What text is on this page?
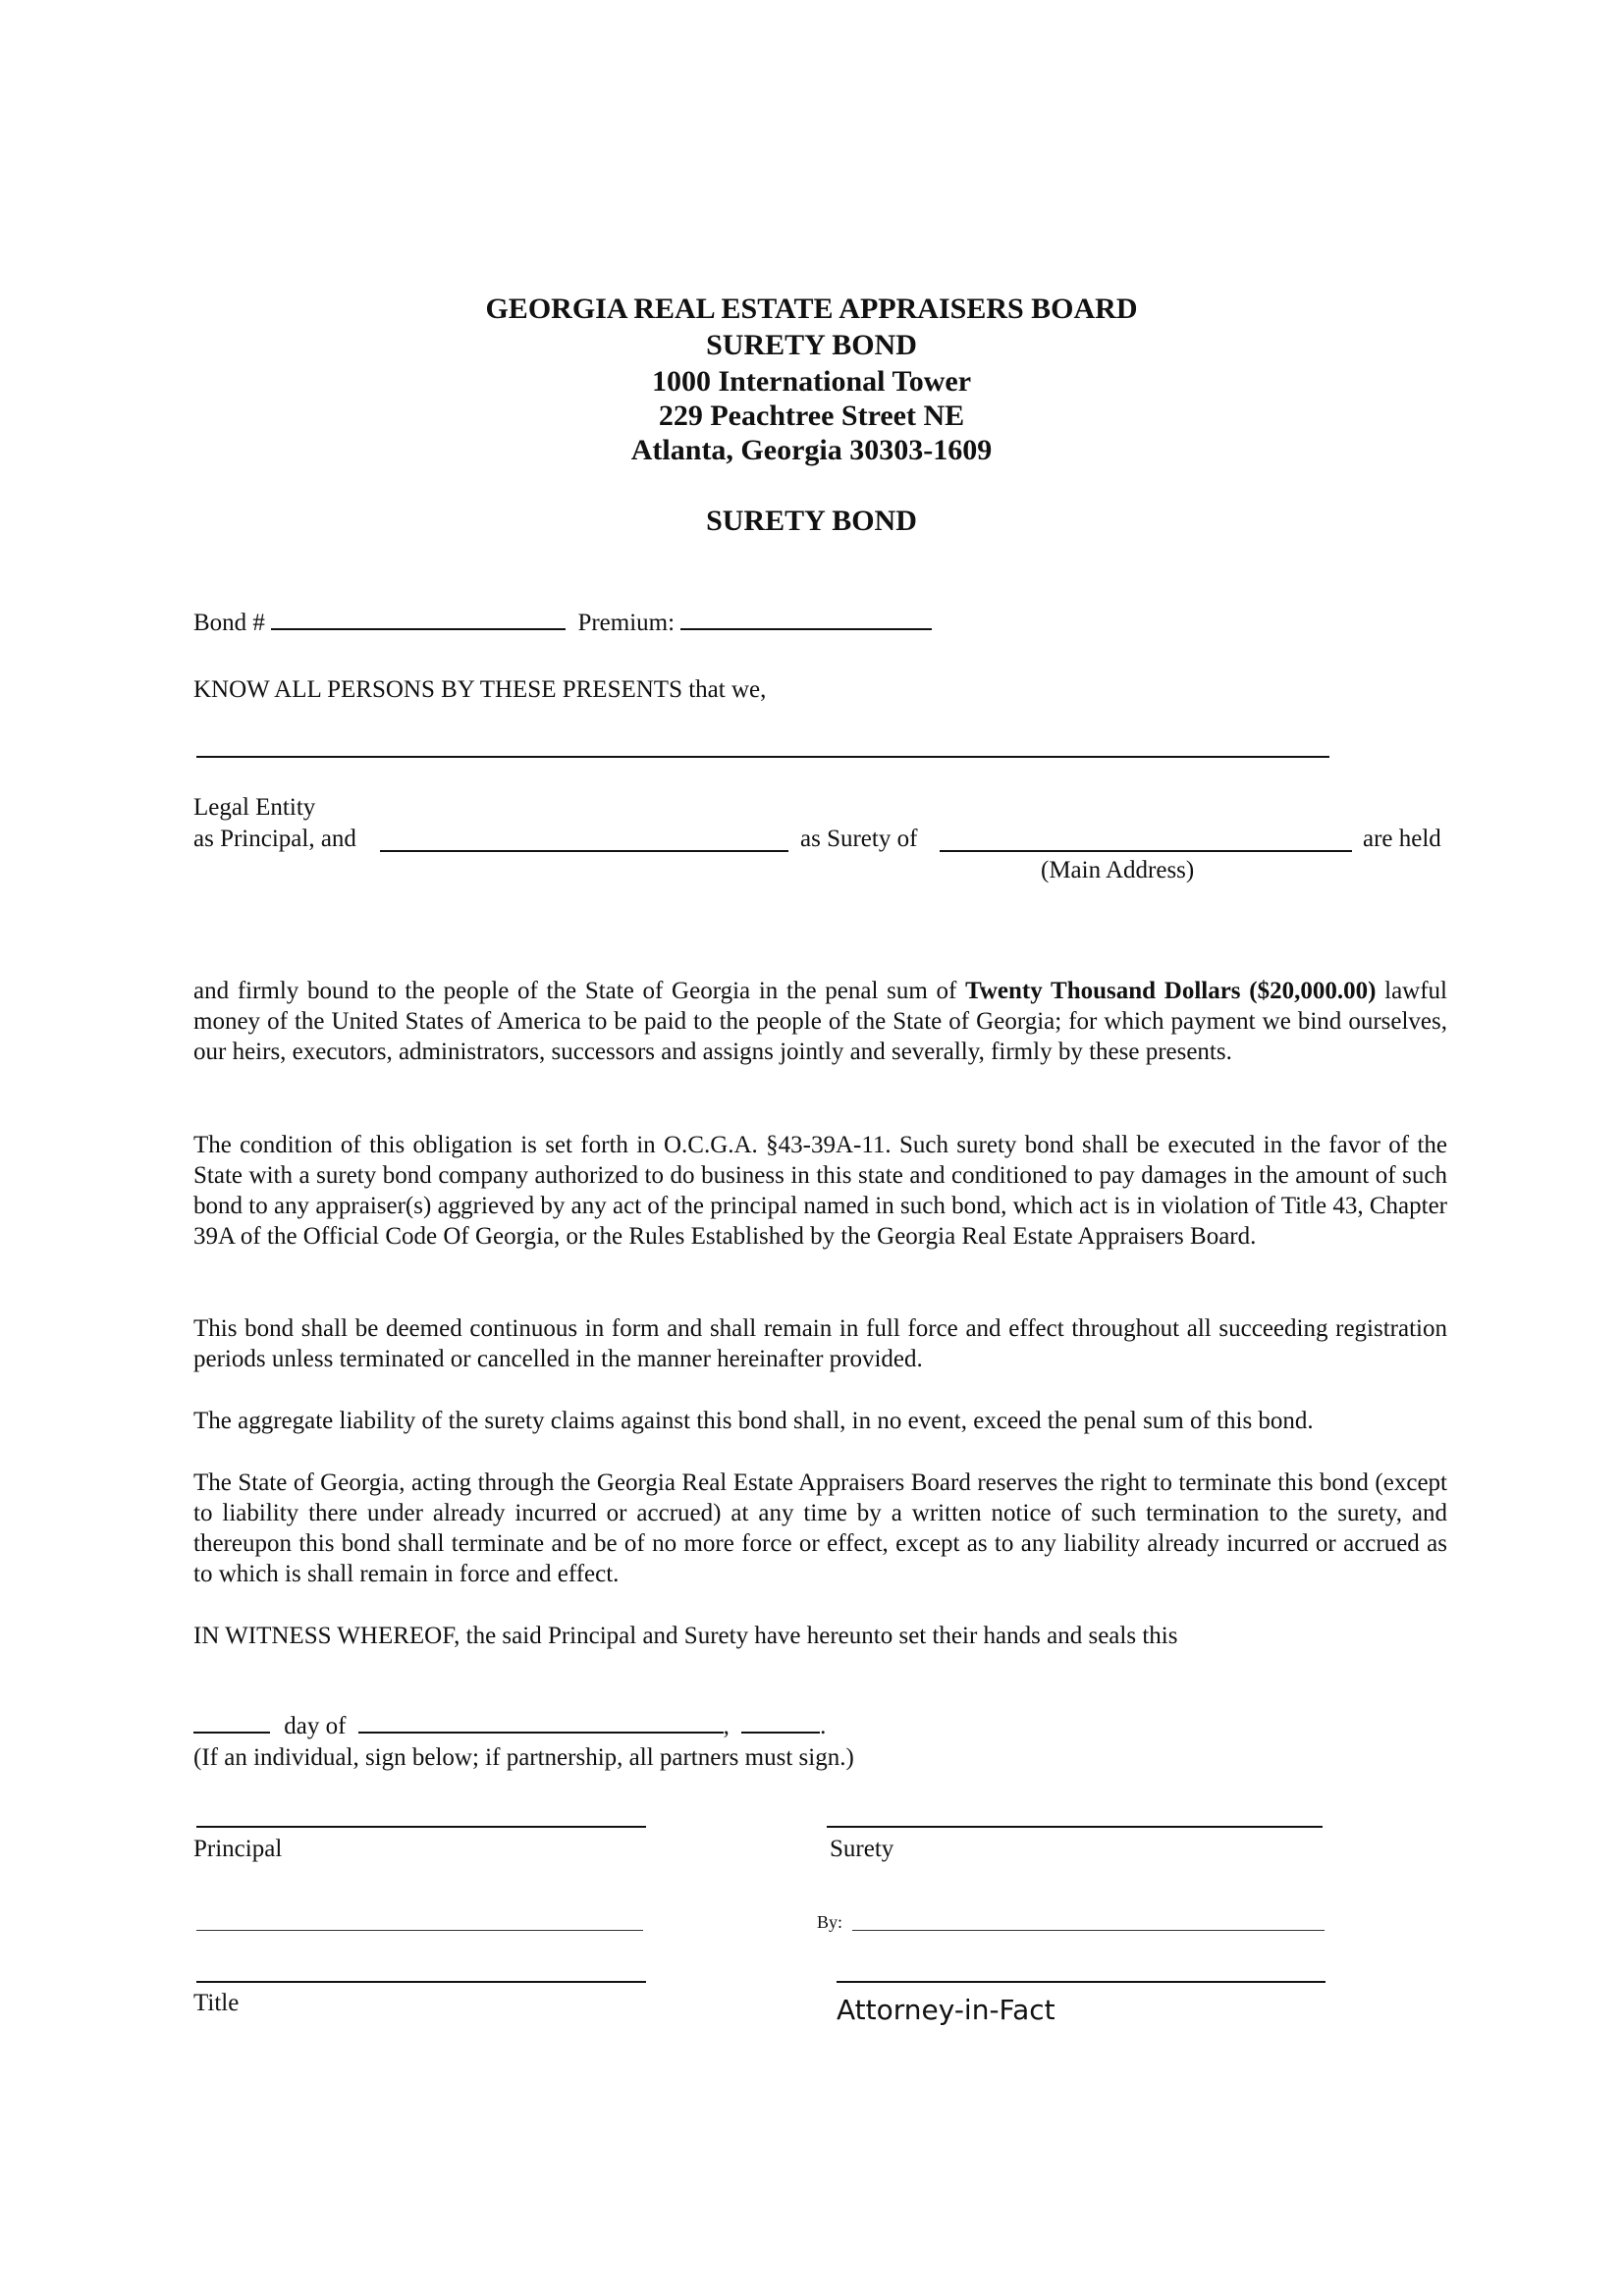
GEORGIA REAL ESTATE APPRAISERS BOARD
SURETY BOND
1000 International Tower
229 Peachtree Street NE
Atlanta, Georgia 30303-1609
SURETY BOND
Bond #	Premium:
KNOW ALL PERSONS BY THESE PRESENTS that we,
Legal Entity
as Principal, and	as Surety of	are held
(Main Address)
and firmly bound to the people of the State of Georgia in the penal sum of Twenty Thousand Dollars ($20,000.00) lawful money of the United States of America to be paid to the people of the State of Georgia; for which payment we bind ourselves, our heirs, executors, administrators, successors and assigns jointly and severally, firmly by these presents.
The condition of this obligation is set forth in O.C.G.A. §43-39A-11. Such surety bond shall be executed in the favor of the State with a surety bond company authorized to do business in this state and conditioned to pay damages in the amount of such bond to any appraiser(s) aggrieved by any act of the principal named in such bond, which act is in violation of Title 43, Chapter 39A of the Official Code Of Georgia, or the Rules Established by the Georgia Real Estate Appraisers Board.
This bond shall be deemed continuous in form and shall remain in full force and effect throughout all succeeding registration periods unless terminated or cancelled in the manner hereinafter provided.
The aggregate liability of the surety claims against this bond shall, in no event, exceed the penal sum of this bond.
The State of Georgia, acting through the Georgia Real Estate Appraisers Board reserves the right to terminate this bond (except to liability there under already incurred or accrued) at any time by a written notice of such termination to the surety, and thereupon this bond shall terminate and be of no more force or effect, except as to any liability already incurred or accrued as to which is shall remain in force and effect.
IN WITNESS WHEREOF, the said Principal and Surety have hereunto set their hands and seals this
day of	,	.
(If an individual, sign below; if partnership, all partners must sign.)
Principal	Surety
By:
Title	Attorney-in-Fact
